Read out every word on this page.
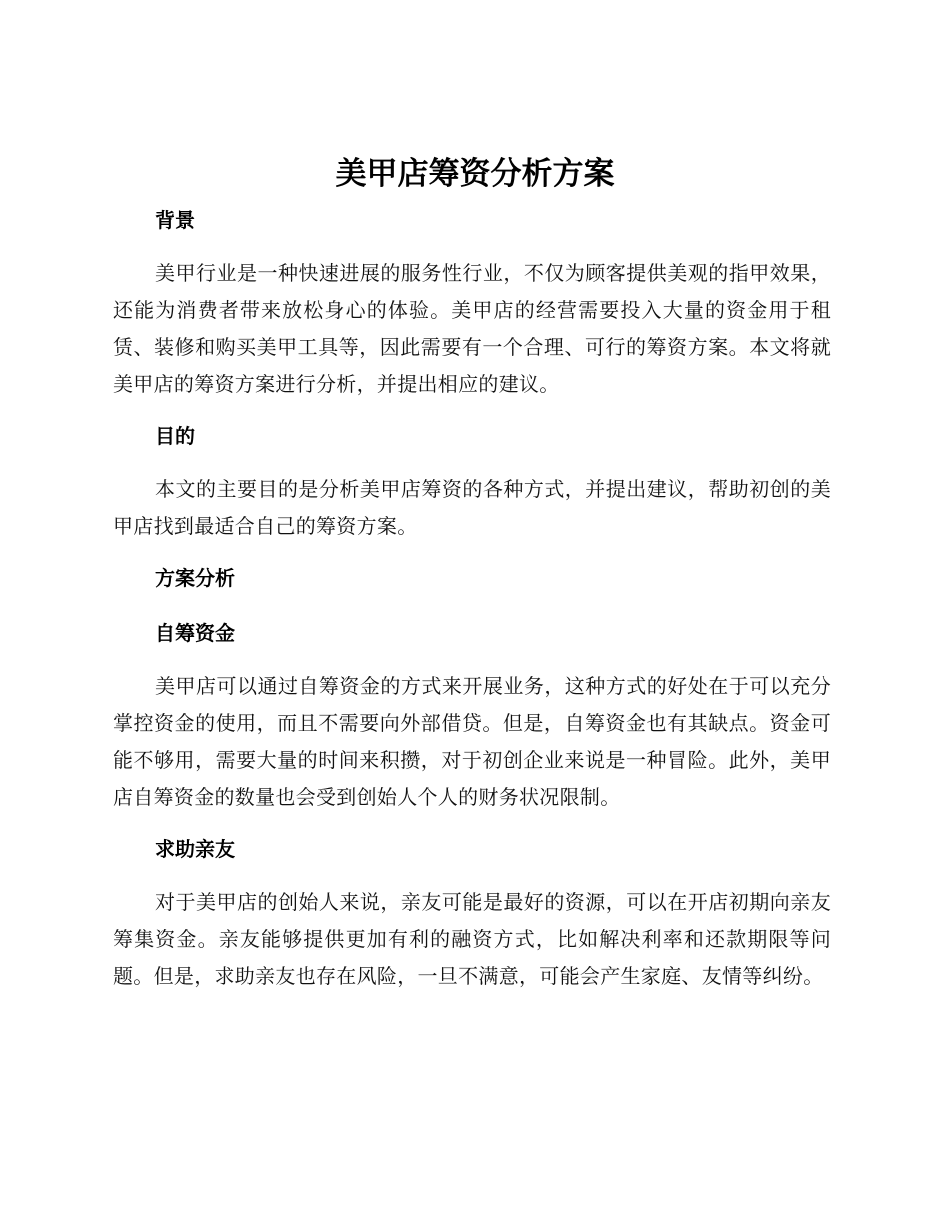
美甲店筹资分析方案
背景

美甲行业是一种快速进展的服务性行业，不仅为顾客提供美观的指甲效果，还能为消费者带来放松身心的体验。美甲店的经营需要投入大量的资金用于租赁、装修和购买美甲工具等，因此需要有一个合理、可行的筹资方案。本文将就美甲店的筹资方案进行分析，并提出相应的建议。

目的

本文的主要目的是分析美甲店筹资的各种方式，并提出建议，帮助初创的美甲店找到最适合自己的筹资方案。

方案分析
自筹资金

美甲店可以通过自筹资金的方式来开展业务，这种方式的好处在于可以充分掌控资金的使用，而且不需要向外部借贷。但是，自筹资金也有其缺点。资金可能不够用，需要大量的时间来积攒，对于初创企业来说是一种冒险。此外，美甲店自筹资金的数量也会受到创始人个人的财务状况限制。

求助亲友

对于美甲店的创始人来说，亲友可能是最好的资源，可以在开店初期向亲友筹集资金。亲友能够提供更加有利的融资方式，比如解决利率和还款期限等问题。但是，求助亲友也存在风险，一旦不满意，可能会产生家庭、友情等纠纷。
